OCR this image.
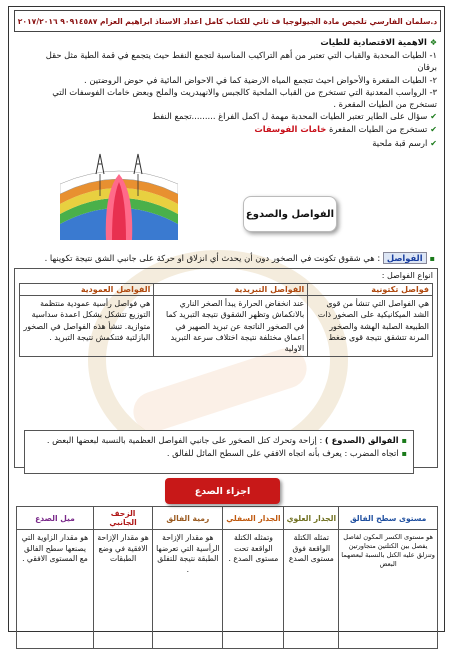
د.سلمان الفارسي تلخيص مادة الجيولوجيا ف ثاني للكتاب كامل اعداد الاستاذ ابراهيم العزام ٩٠٩١٤٥٨٧ ٢٠١٧/٢٠١٦
❖الاهمية الاقتصادية للطيات
١- الطيات المحدبة والقباب التي تعتبر من أهم التراكيب المناسبة لتجمع النفط حيث يتجمع في قمة الطية مثل حقل
برقان
٢- الطيات المقعرة والأحواض احيث تتجمع المياه الارضية كما في الاحواض المائية في حوض الروضتين .
٣- الرواسب المعدنية التي تستخرج من القباب الملحية كالجبس والانهيدريت والملح وبعض خامات الفوسفات التي
تستخرج من الطيات المقعرة .
✔سؤال على الطاير تعتبر الطيات المحدبة مهمة ل اكمل الفراغ .........تجمع النفط
✔تستخرج من الطيات المقعرة خامات الفوسفات
✔ارسم قبة ملحية
الفواصل والصدوع
▪الفواصل : هي شقوق تكونت في الصخور دون أن يحدث أي انزلاق او حركة على جانبي الشق نتيجة تكوينها .
انواع الفواصل :
فواصل تكتونية	الفواصل التبريدية	الفواصل العمودية
هي الفواصل التي تنشأ من قوى الشد الميكانيكية على الصخور ذات الطبيعة الصلبة الهشة والصخور المرنة تتشقق نتيجة قوى ضغط	عند انخفاض الحرارة يبدأ الصخر الناري بالانكماش وتظهر الشقوق نتيجة التبريد كما في الصخور الناتجة عن تبريد الصهير في اعماق مختلفة نتيجة اختلاف سرعة التبريد الاولية	هي فواصل رأسية عمودية منتظمة التوزيع تتشكل بشكل اعمدة سداسية متوازية. تنشأ هذه الفواصل في الصخور البازلتية فتنكمش نتيجة التبريد .
▪الفوالق (الصدوع ) : إزاحة وتحرك كتل الصخور على جانبي الفواصل العظمية بالنسبة لبعضها البعض .
▪اتجاه المضرب : يعرف بأنه اتجاه الافقي على السطح المائل للفالق .

مستوى سطح الفالق	الجدار العلوي	الجدار السفلي	رمية الفالق	الزحف الجانبي	ميل الصدع
هو مستوى الكسر المكون لفاصل يفصل بين الكتلتين متجاورتين وتنزلق عليه الكتل بالنسبة لبعضهما البعض	تمثله الكتلة الواقعة فوق مستوى الصدع	وتمثله الكتلة الواقعة تحت مستوى الصدع .	هو مقدار الإزاحة الرأسية التي تعرضها الطبقة نتيجة للتفلق .	هو مقدار الإزاحة الافقية في وضع الطبقات	هو مقدار الزاوية التي يصنعها سطح الفالق مع المستوى الافقي .
اجزاء الصدع
